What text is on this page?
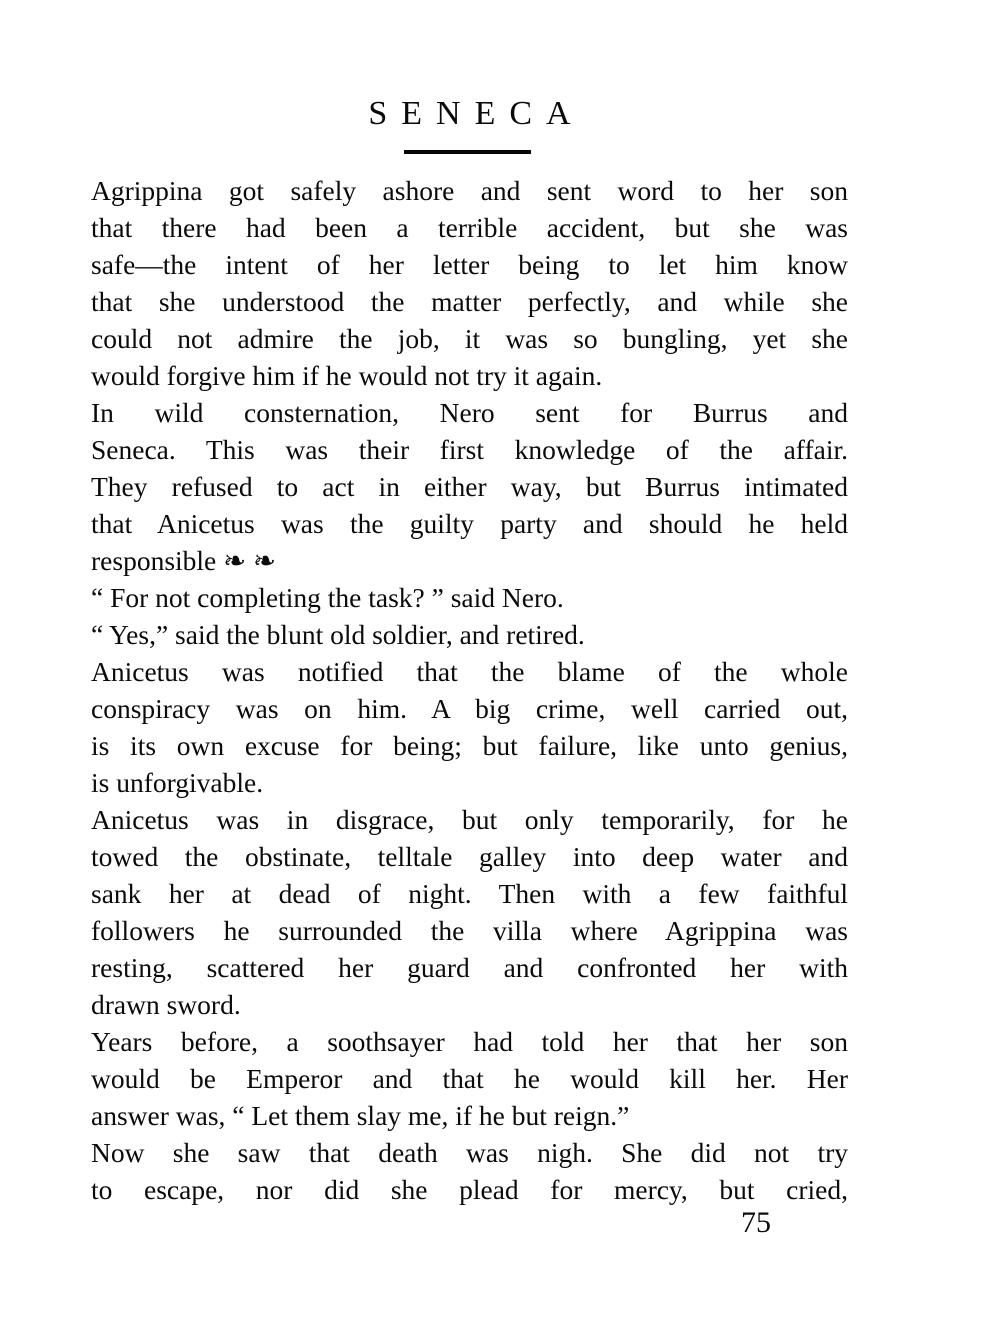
SENECA
Agrippina got safely ashore and sent word to her son
that there had been a terrible accident, but she was
safe—the intent of her letter being to let him know
that she understood the matter perfectly, and while she
could not admire the job, it was so bungling, yet she
would forgive him if he would not try it again.
In wild consternation, Nero sent for Burrus and
Seneca. This was their first knowledge of the affair.
They refused to act in either way, but Burrus intimated
that Anicetus was the guilty party and should he held
responsible ❧ ❧
“ For not completing the task? ” said Nero.
“ Yes,” said the blunt old soldier, and retired.
Anicetus was notified that the blame of the whole
conspiracy was on him. A big crime, well carried out,
is its own excuse for being; but failure, like unto genius,
is unforgivable.
Anicetus was in disgrace, but only temporarily, for he
towed the obstinate, telltale galley into deep water and
sank her at dead of night. Then with a few faithful
followers he surrounded the villa where Agrippina was
resting, scattered her guard and confronted her with
drawn sword.
Years before, a soothsayer had told her that her son
would be Emperor and that he would kill her. Her
answer was, “ Let them slay me, if he but reign.”
Now she saw that death was nigh. She did not try
to escape, nor did she plead for mercy, but cried,
75
